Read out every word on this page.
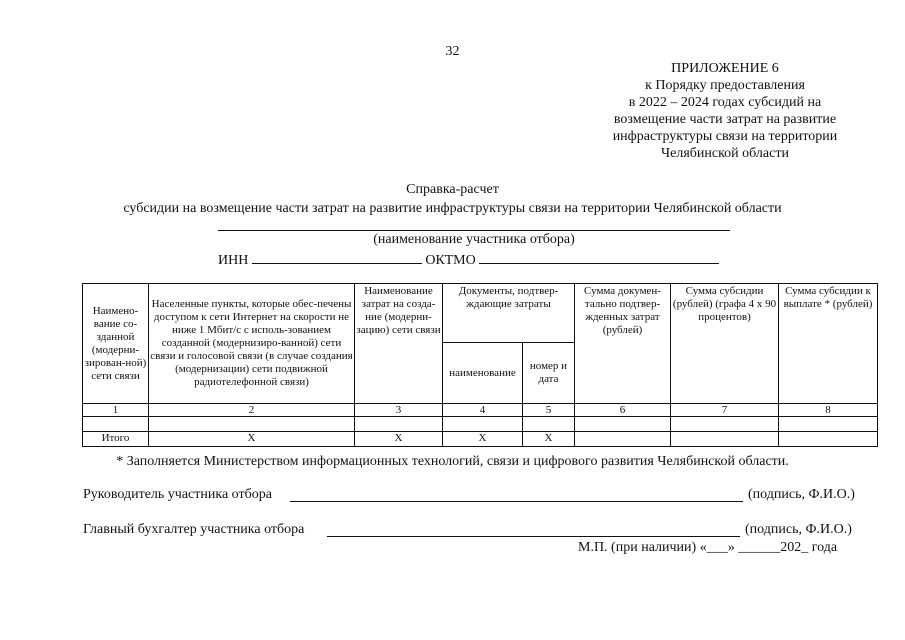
32
ПРИЛОЖЕНИЕ 6
к Порядку предоставления
в 2022 – 2024 годах субсидий на
возмещение части затрат на развитие
инфраструктуры связи на территории
Челябинской области
Справка-расчет
субсидии на возмещение части затрат на развитие инфраструктуры связи на территории Челябинской области
(наименование участника отбора)
ИНН	ОКТМО
Наимено-вание со-зданной (модерни-зирован-ной) сети связи	Населенные пункты, которые обес-печены доступом к сети Интернет на скорости не ниже 1 Мбит/с с исполь-зованием созданной (модернизиро-ванной) сети связи и голосовой связи (в случае создания (модернизации) сети подвижной радиотелефонной связи)	Наименование затрат на созда-ние (модерни-зацию) сети связи	Документы, подтвер-ждающие затраты		Сумма докумен-тально подтвер-жденных затрат (рублей)	Сумма субсидии (рублей) (графа 4 х 90 процентов)	Сумма субсидии к выплате * (рублей)
			наименование	номер и дата			
1	2	3	4	5	6	7	8

Итого	Х	Х	Х	Х			
* Заполняется Министерством информационных технологий, связи и цифрового развития Челябинской области.
Руководитель участника отбора	(подпись, Ф.И.О.)
Главный бухгалтер участника отбора	(подпись, Ф.И.О.)
М.П. (при наличии) «___» ______202_ года
